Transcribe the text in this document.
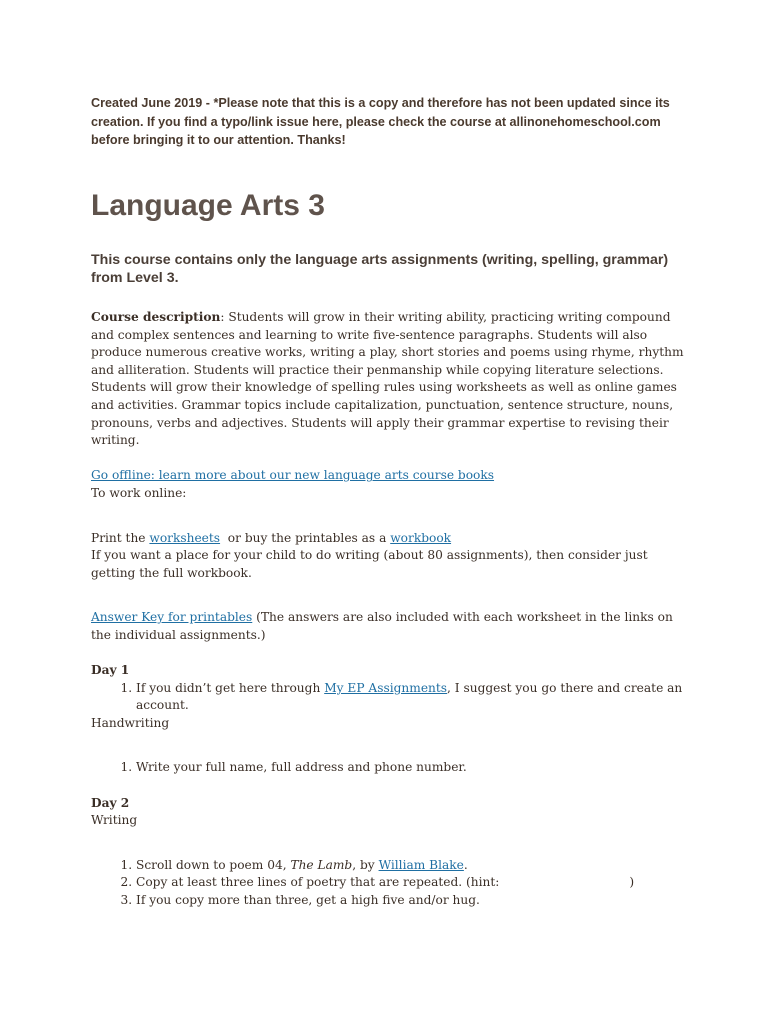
Created June 2019 - *Please note that this is a copy and therefore has not been updated since its creation. If you find a typo/link issue here, please check the course at allinonehomeschool.com before bringing it to our attention. Thanks!
Language Arts 3
This course contains only the language arts assignments (writing, spelling, grammar) from Level 3.

Course description: Students will grow in their writing ability, practicing writing compound and complex sentences and learning to write five-sentence paragraphs. Students will also produce numerous creative works, writing a play, short stories and poems using rhyme, rhythm and alliteration. Students will practice their penmanship while copying literature selections. Students will grow their knowledge of spelling rules using worksheets as well as online games and activities. Grammar topics include capitalization, punctuation, sentence structure, nouns, pronouns, verbs and adjectives. Students will apply their grammar expertise to revising their writing.

Go offline: learn more about our new language arts course books

To work online:

Print the worksheets  or buy the printables as a workbook

If you want a place for your child to do writing (about 80 assignments), then consider just getting the full workbook.

Answer Key for printables (The answers are also included with each worksheet in the links on the individual assignments.)

Day 1

1. If you didn’t get here through My EP Assignments, I suggest you go there and create an account.

Handwriting

1. Write your full name, full address and phone number.

Day 2

Writing

1. Scroll down to poem 04, The Lamb, by William Blake.
2. Copy at least three lines of poetry that are repeated. (hint:	)
3. If you copy more than three, get a high five and/or hug.
